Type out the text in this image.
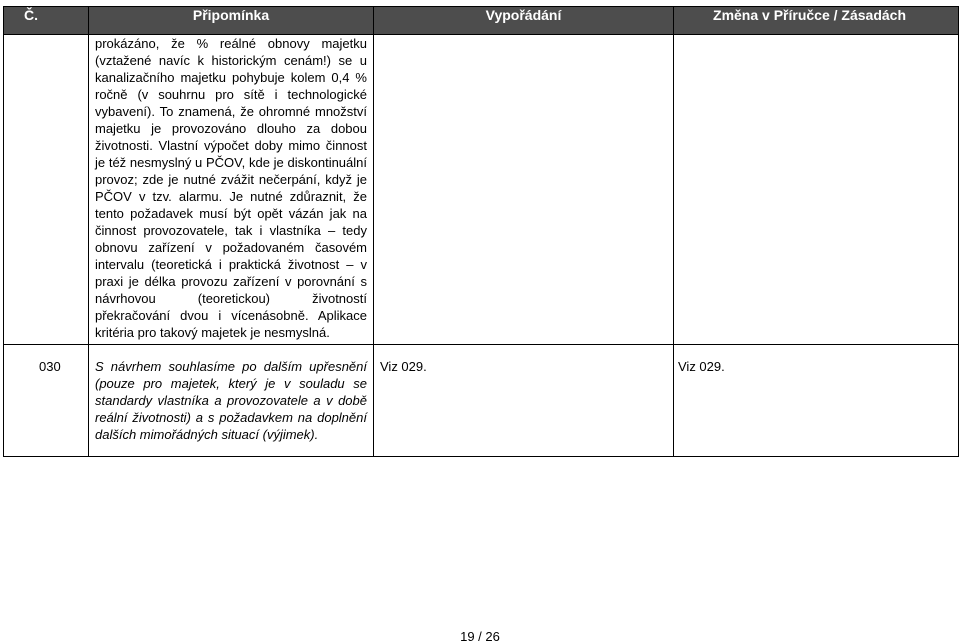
Č.	Připomínka	Vypořádání	Změna v Příručce / Zásadách

	prokázáno, že % reálné obnovy majetku (vztažené navíc k historickým cenám!) se u kanalizačního majetku pohybuje kolem 0,4 % ročně (v souhrnu pro sítě i technologické vybavení). To znamená, že ohromné množství majetku je provozováno dlouho za dobou životnosti. Vlastní výpočet doby mimo činnost je též nesmyslný u PČOV, kde je diskontinuální provoz; zde je nutné zvážit nečerpání, když je PČOV v tzv. alarmu. Je nutné zdůraznit, že tento požadavek musí být opět vázán jak na činnost provozovatele, tak i vlastníka – tedy obnovu zařízení v požadovaném časovém intervalu (teoretická i praktická životnost – v praxi je délka provozu zařízení v porovnání s návrhovou (teoretickou) životností překračování dvou i vícenásobně. Aplikace kritéria pro takový majetek je nesmyslná.		

030	S návrhem souhlasíme po dalším upřesnění (pouze pro majetek, který je v souladu se standardy vlastníka a provozovatele a v době reální životnosti) a s požadavkem na doplnění dalších mimořádných situací (výjimek).	Viz 029.	Viz 029.
19 / 26
